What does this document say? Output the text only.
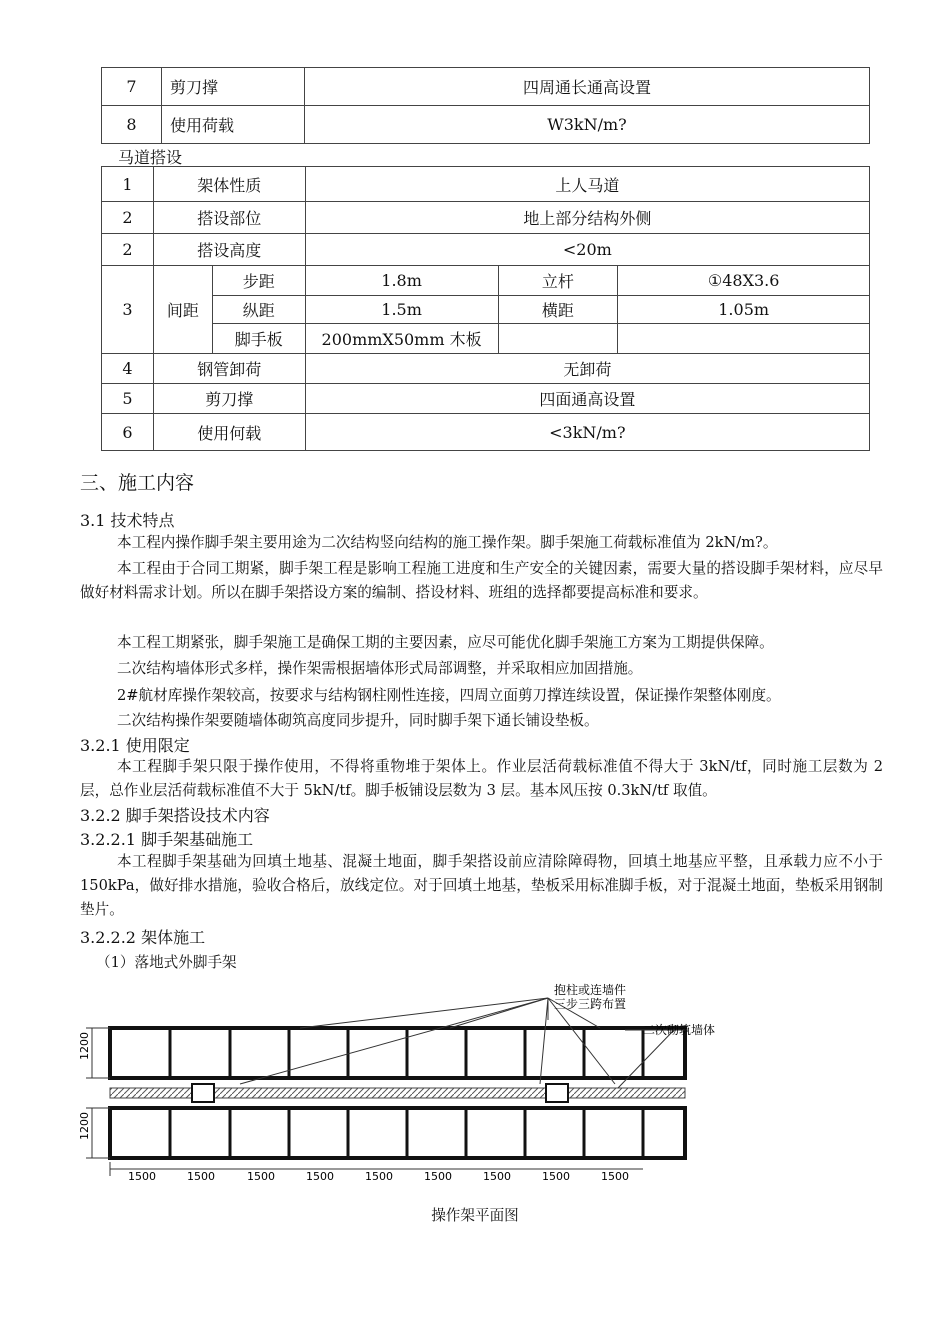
7	剪刀撑	四周通长通高设置
8	使用荷载	W3kN/m?
马道搭设
1	架体性质		上人马道		
2	搭设部位		地上部分结构外侧		
2	搭设高度		<20m		
3	间距	步距	1.8m	立杆	①48X3.6
		纵距	1.5m	横距	1.05m
		脚手板	200mmX50mm 木板		
4	钢管卸荷		无卸荷		
5	剪刀撑		四面通高设置		
6	使用何载		<3kN/m?		
三、施工内容
3.1 技术特点
本工程内操作脚手架主要用途为二次结构竖向结构的施工操作架。脚手架施工荷载标准值为 2kN/m?。
本工程由于合同工期紧，脚手架工程是影响工程施工进度和生产安全的关键因素，需要大量的搭设脚手架材料，应尽早做好材料需求计划。所以在脚手架搭设方案的编制、搭设材料、班组的选择都要提高标准和要求。
本工程工期紧张，脚手架施工是确保工期的主要因素，应尽可能优化脚手架施工方案为工期提供保障。
二次结构墙体形式多样，操作架需根据墙体形式局部调整，并采取相应加固措施。
2#航材库操作架较高，按要求与结构钢柱刚性连接，四周立面剪刀撑连续设置，保证操作架整体刚度。
二次结构操作架要随墙体砌筑高度同步提升，同时脚手架下通长铺设垫板。
3.2.1 使用限定
本工程脚手架只限于操作使用，不得将重物堆于架体上。作业层活荷载标准值不得大于 3kN/tf，同时施工层数为 2 层，总作业层活荷载标准值不大于 5kN/tf。脚手板铺设层数为 3 层。基本风压按 0.3kN/tf 取值。
3.2.2 脚手架搭设技术内容
3.2.2.1 脚手架基础施工
本工程脚手架基础为回填土地基、混凝土地面，脚手架搭设前应清除障碍物，回填土地基应平整，且承载力应不小于 150kPa，做好排水措施，验收合格后，放线定位。对于回填土地基，垫板采用标准脚手板，对于混凝土地面，垫板采用钢制垫片。
3.2.2.2 架体施工
（1）落地式外脚手架
抱柱或连墙件
三步三跨布置
二次砌筑墙体
1200
1200
1500	1500	1500	1500	1500	1500	1500	1500	1500
操作架平面图
